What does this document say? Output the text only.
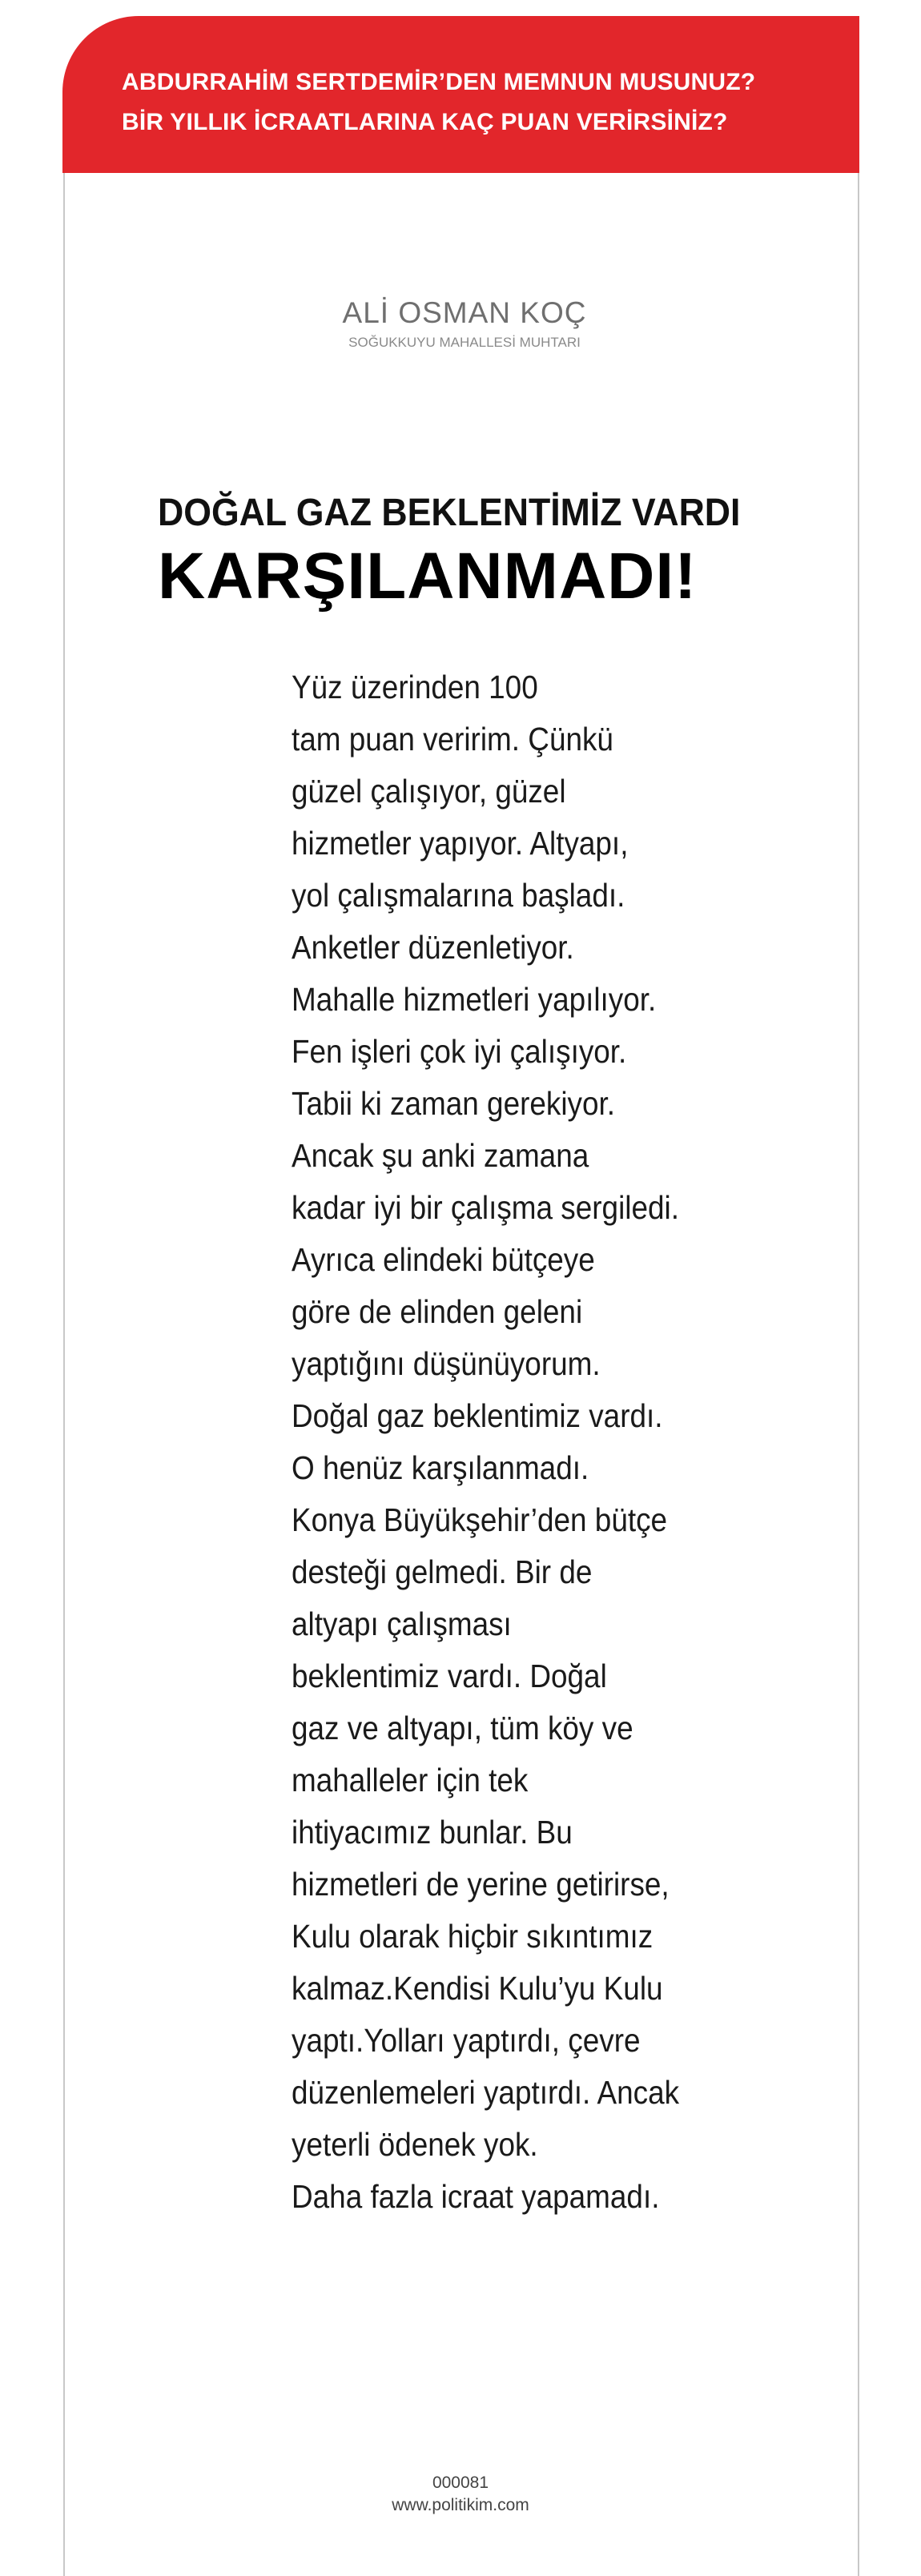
ABDURRAHİM SERTDEMİR’DEN MEMNUN MUSUNUZ?
BİR YILLIK İCRAATLARINA KAÇ PUAN VERİRSİNİZ?
ALİ OSMAN KOÇ
SOĞUKKUYU MAHALLESİ MUHTARI
DOĞAL GAZ BEKLENTİMİZ VARDI
KARŞILANMADI!
Yüz üzerinden 100
tam puan veririm. Çünkü
güzel çalışıyor, güzel
hizmetler yapıyor. Altyapı,
yol çalışmalarına başladı.
Anketler düzenletiyor.
Mahalle hizmetleri yapılıyor.
Fen işleri çok iyi çalışıyor.
Tabii ki zaman gerekiyor.
Ancak şu anki zamana
kadar iyi bir çalışma sergiledi.
Ayrıca elindeki bütçeye
göre de elinden geleni
yaptığını düşünüyorum.
Doğal gaz beklentimiz vardı.
O henüz karşılanmadı.
Konya Büyükşehir’den bütçe
desteği gelmedi. Bir de
altyapı çalışması
beklentimiz vardı. Doğal
gaz ve altyapı, tüm köy ve
mahalleler için tek
ihtiyacımız bunlar. Bu
hizmetleri de yerine getirirse,
Kulu olarak hiçbir sıkıntımız
kalmaz.Kendisi Kulu’yu Kulu
yaptı.Yolları yaptırdı, çevre
düzenlemeleri yaptırdı. Ancak
yeterli ödenek yok.
Daha fazla icraat yapamadı.
000081
www.politikim.com
